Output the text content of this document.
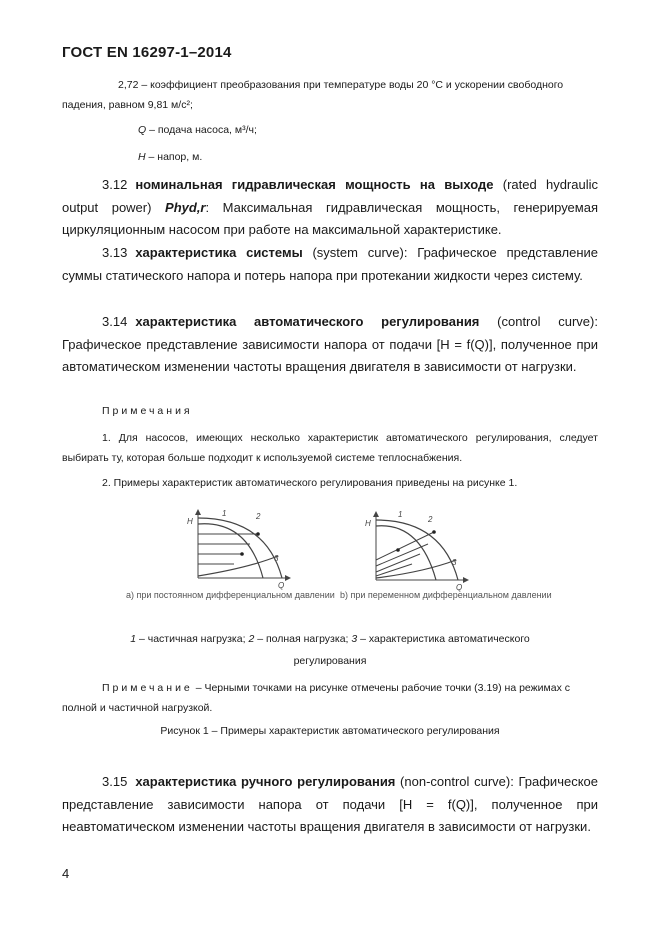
ГОСТ EN 16297-1–2014
2,72 – коэффициент преобразования при температуре воды 20 °С и ускорении свободного
падения, равном 9,81 м/с²;
Q – подача насоса, м³/ч;
H – напор, м.
3.12 номинальная гидравлическая мощность на выходе (rated hydraulic output power) Phyd,r: Максимальная гидравлическая мощность, генерируемая циркуляционным насосом при работе на максимальной характеристике.
3.13 характеристика системы (system curve): Графическое представление суммы статического напора и потерь напора при протекании жидкости через систему.
3.14 характеристика автоматического регулирования (control curve): Графическое представление зависимости напора от подачи [H = f(Q)], полученное при автоматическом изменении частоты вращения двигателя в зависимости от нагрузки.
Примечания
1. Для насосов, имеющих несколько характеристик автоматического регулирования, следует выбирать ту, которая больше подходит к используемой системе теплоснабжения.
2. Примеры характеристик автоматического регулирования приведены на рисунке 1.
H
Q
1	2
3
а) при постоянном дифференциальном давлении
H
Q
1
2
3
b) при переменном дифференциальном давлении
1 – частичная нагрузка; 2 – полная нагрузка; 3 – характеристика автоматического
регулирования
Примечание – Черными точками на рисунке отмечены рабочие точки (3.19) на режимах с полной и частичной нагрузкой.
Рисунок 1 – Примеры характеристик автоматического регулирования
3.15 характеристика ручного регулирования (non-control curve): Графическое представление зависимости напора от подачи [H = f(Q)], полученное при неавтоматическом изменении частоты вращения двигателя в зависимости от нагрузки.
4
